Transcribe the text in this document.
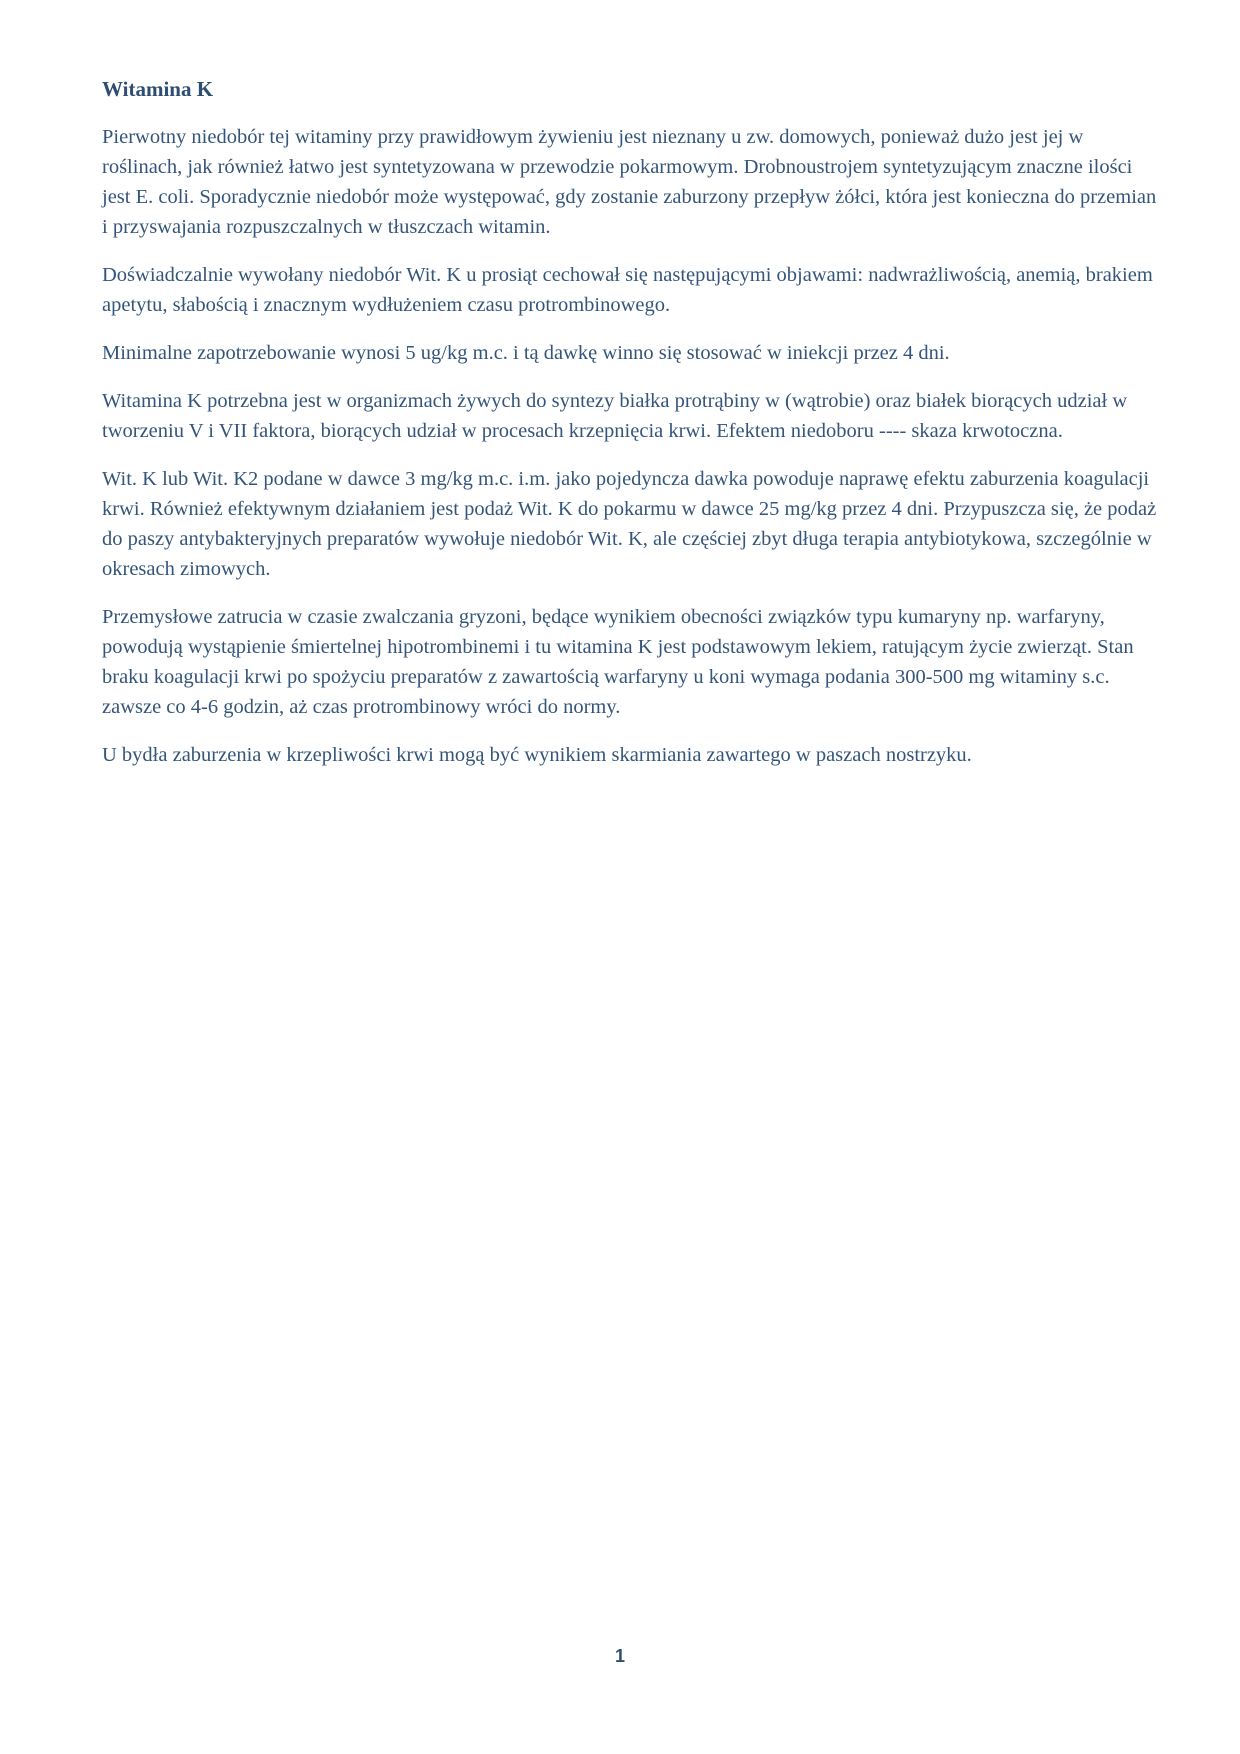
Witamina K

Pierwotny niedobór tej witaminy przy prawidłowym żywieniu jest nieznany u zw. domowych, ponieważ dużo jest jej w roślinach, jak również łatwo jest syntetyzowana w przewodzie pokarmowym. Drobnoustrojem syntetyzującym znaczne ilości jest E. coli. Sporadycznie niedobór może występować, gdy zostanie zaburzony przepływ żółci, która jest konieczna do przemian i przyswajania rozpuszczalnych w tłuszczach witamin.

Doświadczalnie wywołany niedobór Wit. K u prosiąt cechował się następującymi objawami: nadwrażliwością, anemią, brakiem apetytu, słabością i znacznym wydłużeniem czasu protrombinowego.

Minimalne zapotrzebowanie wynosi 5 ug/kg m.c. i tą dawkę winno się stosować w iniekcji przez 4 dni.

Witamina K potrzebna jest w organizmach żywych do syntezy białka protrąbiny w (wątrobie) oraz białek biorących udział w tworzeniu V i VII faktora, biorących udział w procesach krzepnięcia krwi. Efektem niedoboru ---- skaza krwotoczna.

Wit. K lub Wit. K2 podane w dawce 3 mg/kg m.c. i.m. jako pojedyncza dawka powoduje naprawę efektu zaburzenia koagulacji krwi. Również efektywnym działaniem jest podaż Wit. K do pokarmu w dawce 25 mg/kg przez 4 dni. Przypuszcza się, że podaż do paszy antybakteryjnych preparatów wywołuje niedobór Wit. K, ale częściej zbyt długa terapia antybiotykowa, szczególnie w okresach zimowych.

Przemysłowe zatrucia w czasie zwalczania gryzoni, będące wynikiem obecności związków typu kumaryny np. warfaryny, powodują wystąpienie śmiertelnej hipotrombinemi i tu witamina K jest podstawowym lekiem, ratującym życie zwierząt. Stan braku koagulacji krwi po spożyciu preparatów z zawartością warfaryny u koni wymaga podania 300-500 mg witaminy s.c. zawsze co 4-6 godzin, aż czas protrombinowy wróci do normy.

U bydła zaburzenia w krzepliwości krwi mogą być wynikiem skarmiania zawartego w paszach nostrzyku.

1
